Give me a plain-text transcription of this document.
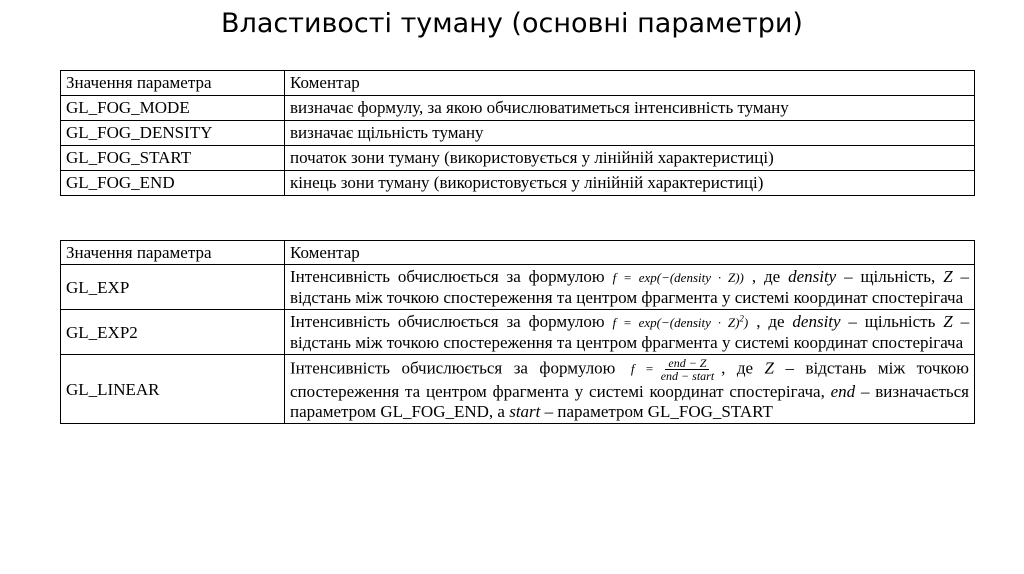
Властивості туману (основні параметри)
Значення параметра	Коментар
GL_FOG_MODE	визначає формулу, за якою обчислюватиметься інтенсивність туману
GL_FOG_DENSITY	визначає щільність туману
GL_FOG_START	початок зони туману (використовується у лінійній характеристиці)
GL_FOG_END	кінець зони туману (використовується у лінійній характеристиці)
Значення параметра	Коментар
GL_EXP	Інтенсивність обчислюється за формулою f = exp(−(density · Z)) , де density – щільність, Z – відстань між точкою спостереження та центром фрагмента у системі координат спостерігача
GL_EXP2	Інтенсивність обчислюється за формулою f = exp(−(density · Z)$^2$) , де density – щільність Z – відстань між точкою спостереження та центром фрагмента у системі координат спостерігача
GL_LINEAR	Інтенсивність обчислюється за формулою $f = \frac{\text{end − Z}}{\text{end − start}}$ , де Z – відстань між точкою спостереження та центром фрагмента у системі координат спостерігача, end – визначається параметром GL_FOG_END, а start – параметром GL_FOG_START
